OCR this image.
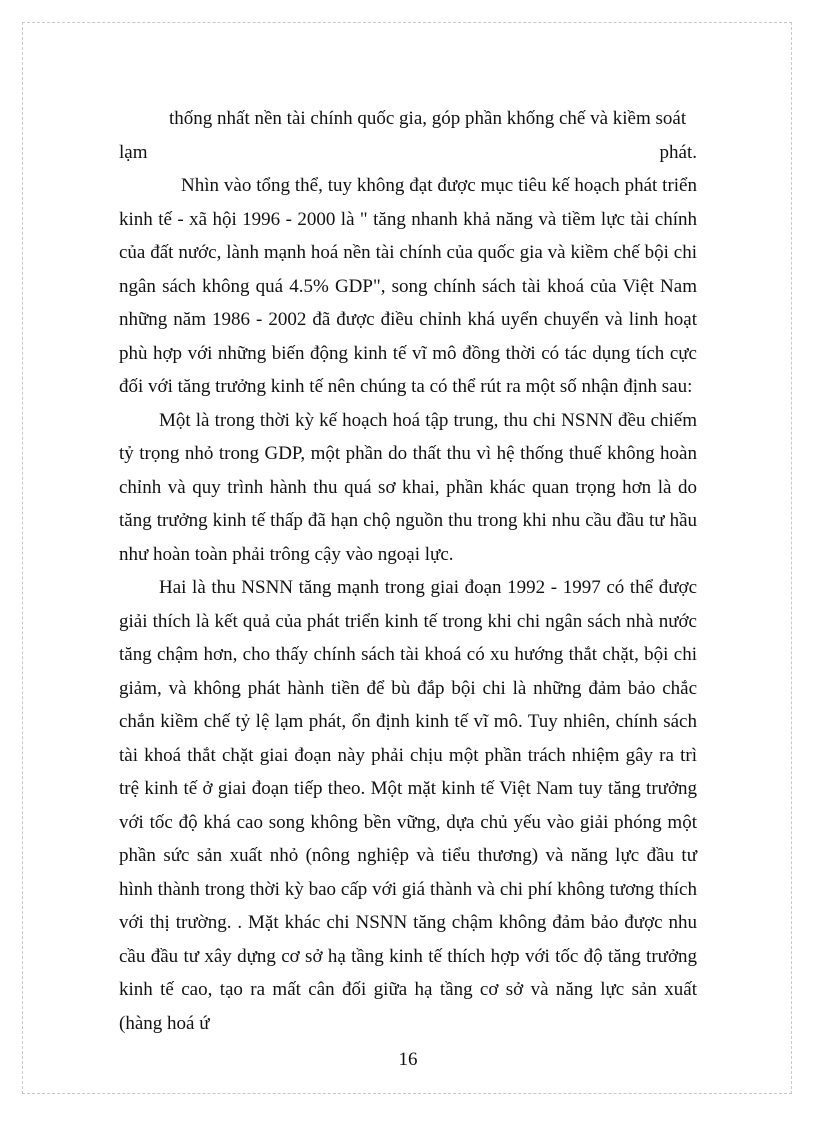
thống nhất nền tài chính quốc gia, góp phần khống chế và kiềm soát

lạm	phát.

Nhìn vào tổng thể, tuy không đạt được mục tiêu kế hoạch phát triển kinh tế - xã hội 1996 - 2000 là " tăng nhanh khả năng và tiềm lực tài chính của đất nước, lành mạnh hoá nền tài chính của quốc gia và kiềm chế bội chi ngân sách không quá 4.5% GDP", song chính sách tài khoá của Việt Nam những năm 1986 - 2002 đã được điều chỉnh khá uyển chuyển và linh hoạt phù hợp với những biến động kinh tế vĩ mô đồng thời có tác dụng tích cực đối với tăng trưởng kinh tế nên chúng ta có thể rút ra một số nhận định sau:

Một là trong thời kỳ kế hoạch hoá tập trung, thu chi NSNN đều chiếm tỷ trọng nhỏ trong GDP, một phần do thất thu vì hệ thống thuế không hoàn chỉnh và quy trình hành thu quá sơ khai, phần khác quan trọng hơn là do tăng trưởng kinh tế thấp đã hạn chộ nguồn thu trong khi nhu cầu đầu tư hầu như hoàn toàn phải trông cậy vào ngoại lực.

Hai là thu NSNN tăng mạnh trong giai đoạn 1992 - 1997 có thể được giải thích là kết quả của phát triển kinh tế trong khi chi ngân sách nhà nước tăng chậm hơn, cho thấy chính sách tài khoá có xu hướng thắt chặt, bội chi giảm, và không phát hành tiền để bù đắp bội chi là những đảm bảo chắc chắn kiềm chế tỷ lệ lạm phát, ổn định kinh tế vĩ mô. Tuy nhiên, chính sách tài khoá thắt chặt giai đoạn này phải chịu một phần trách nhiệm gây ra trì trệ kinh tế ở giai đoạn tiếp theo. Một mặt kinh tế Việt Nam tuy tăng trưởng với tốc độ khá cao song không bền vững, dựa chủ yếu vào giải phóng một phần sức sản xuất nhỏ (nông nghiệp và tiểu thương) và năng lực đầu tư hình thành trong thời kỳ bao cấp với giá thành và chi phí không tương thích với thị trường. . Mặt khác chi NSNN tăng chậm không đảm bảo được nhu cầu đầu tư xây dựng cơ sở hạ tầng kinh tế thích hợp với tốc độ tăng trưởng kinh tế cao, tạo ra mất cân đối giữa hạ tầng cơ sở và năng lực sản xuất (hàng hoá ứ

16
